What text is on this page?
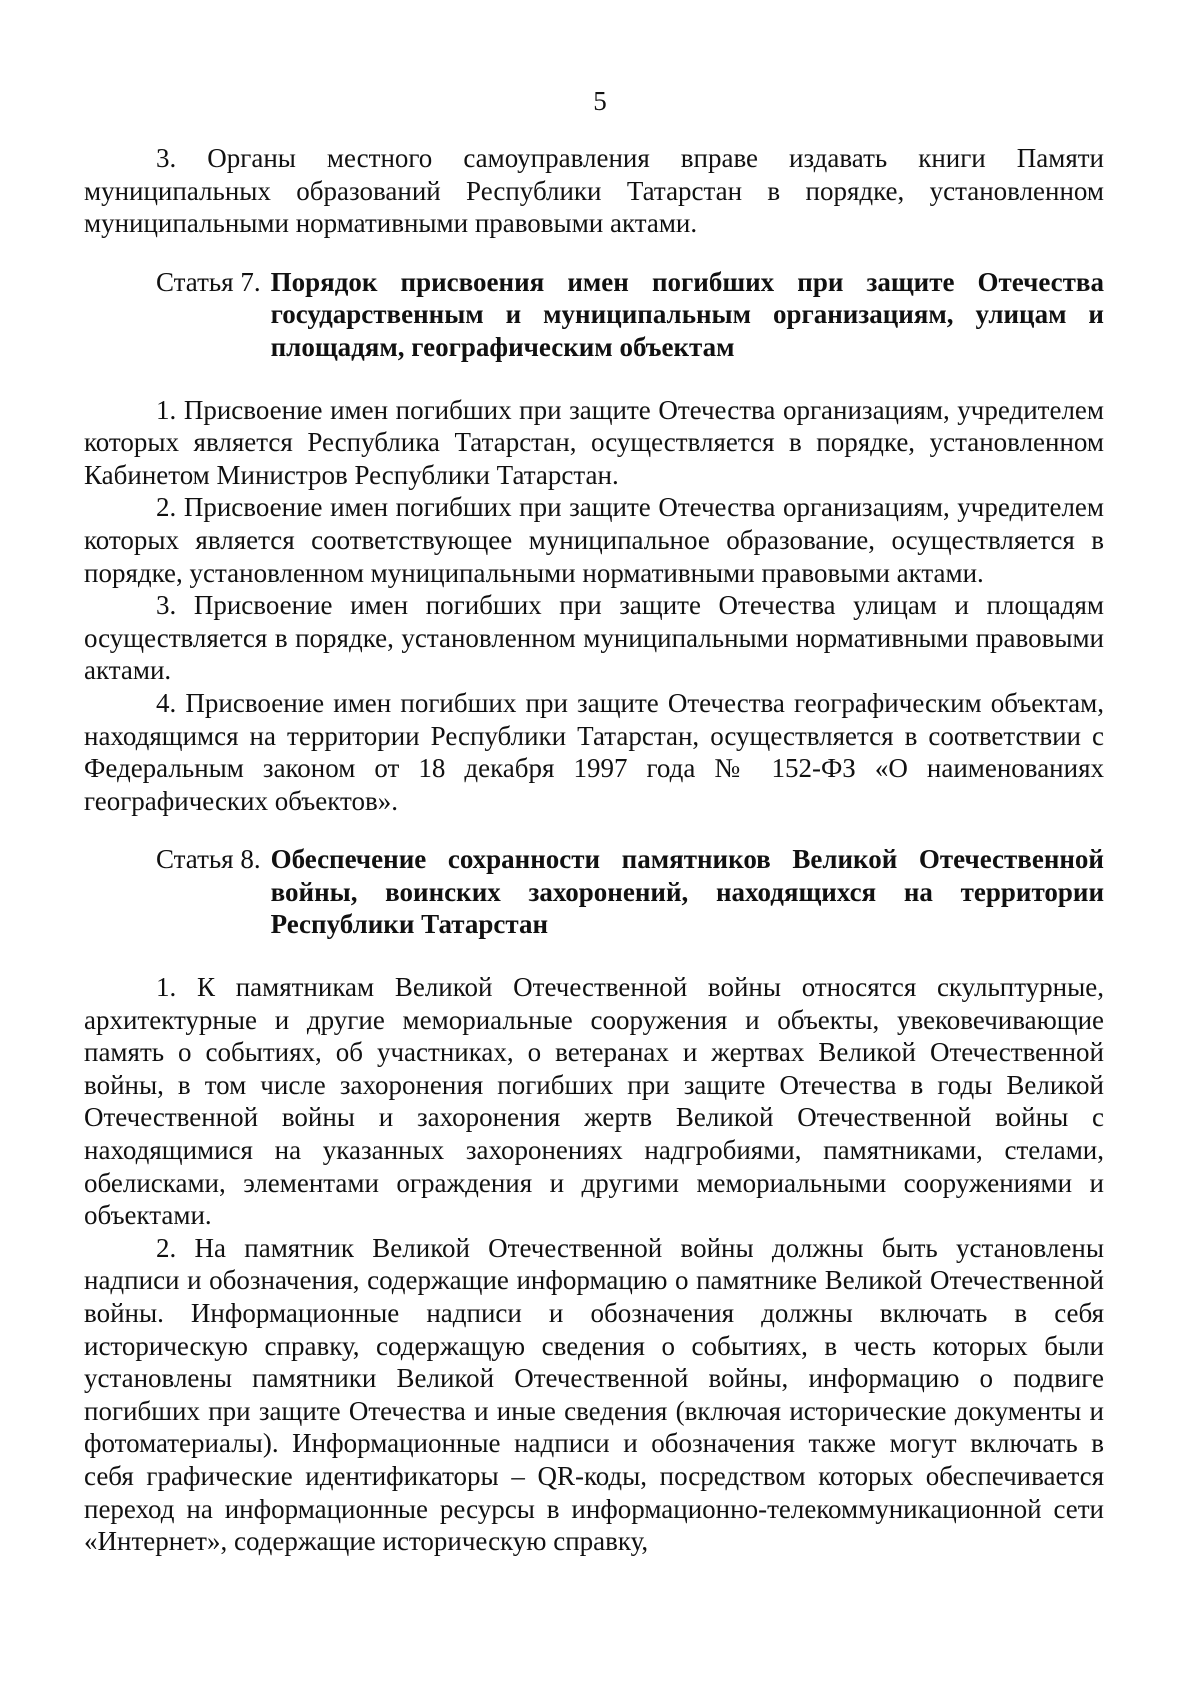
5

3. Органы местного самоуправления вправе издавать книги Памяти муниципальных образований Республики Татарстан в порядке, установленном муниципальными нормативными правовыми актами.

Статья 7. Порядок присвоения имен погибших при защите Отечества государственным и муниципальным организациям, улицам и площадям, географическим объектам

1. Присвоение имен погибших при защите Отечества организациям, учредителем которых является Республика Татарстан, осуществляется в порядке, установленном Кабинетом Министров Республики Татарстан.

2. Присвоение имен погибших при защите Отечества организациям, учредителем которых является соответствующее муниципальное образование, осуществляется в порядке, установленном муниципальными нормативными правовыми актами.

3. Присвоение имен погибших при защите Отечества улицам и площадям осуществляется в порядке, установленном муниципальными нормативными правовыми актами.

4. Присвоение имен погибших при защите Отечества географическим объектам, находящимся на территории Республики Татарстан, осуществляется в соответствии с Федеральным законом от 18 декабря 1997 года № 152-ФЗ «О наименованиях географических объектов».

Статья 8. Обеспечение сохранности памятников Великой Отечественной войны, воинских захоронений, находящихся на территории Республики Татарстан

1. К памятникам Великой Отечественной войны относятся скульптурные, архитектурные и другие мемориальные сооружения и объекты, увековечивающие память о событиях, об участниках, о ветеранах и жертвах Великой Отечественной войны, в том числе захоронения погибших при защите Отечества в годы Великой Отечественной войны и захоронения жертв Великой Отечественной войны с находящимися на указанных захоронениях надгробиями, памятниками, стелами, обелисками, элементами ограждения и другими мемориальными сооружениями и объектами.

2. На памятник Великой Отечественной войны должны быть установлены надписи и обозначения, содержащие информацию о памятнике Великой Отечественной войны. Информационные надписи и обозначения должны включать в себя историческую справку, содержащую сведения о событиях, в честь которых были установлены памятники Великой Отечественной войны, информацию о подвиге погибших при защите Отечества и иные сведения (включая исторические документы и фотоматериалы). Информационные надписи и обозначения также могут включать в себя графические идентификаторы – QR-коды, посредством которых обеспечивается переход на информационные ресурсы в информационно-телекоммуникационной сети «Интернет», содержащие историческую справку,
